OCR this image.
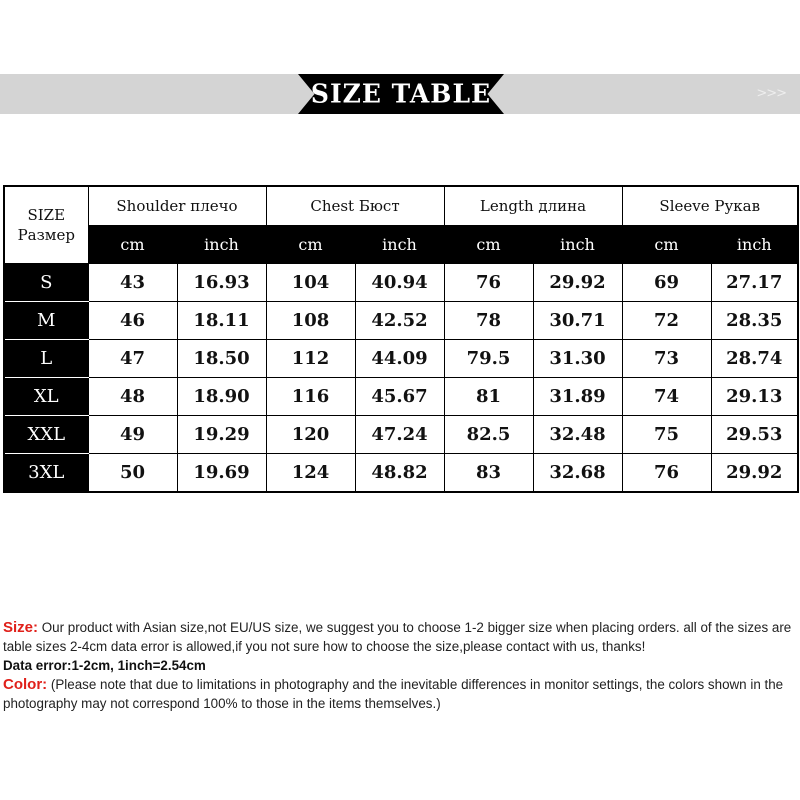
SIZE TABLE	>>>
SIZE
Размер	Shoulder плечо		Chest Бюст		Length длина		Sleeve Рукав	
	cm	inch	cm	inch	cm	inch	cm	inch
S	43	16.93	104	40.94	76	29.92	69	27.17
M	46	18.11	108	42.52	78	30.71	72	28.35
L	47	18.50	112	44.09	79.5	31.30	73	28.74
XL	48	18.90	116	45.67	81	31.89	74	29.13
XXL	49	19.29	120	47.24	82.5	32.48	75	29.53
3XL	50	19.69	124	48.82	83	32.68	76	29.92
Size: Our product with Asian size,not EU/US size, we suggest you to choose 1-2 bigger size when placing orders. all of the sizes are table sizes 2-4cm data error is allowed,if you not sure how to choose the size,please contact with us, thanks!
Data error:1-2cm, 1inch=2.54cm
Color: (Please note that due to limitations in photography and the inevitable differences in monitor settings, the colors shown in the photography may not correspond 100% to those in the items themselves.)
